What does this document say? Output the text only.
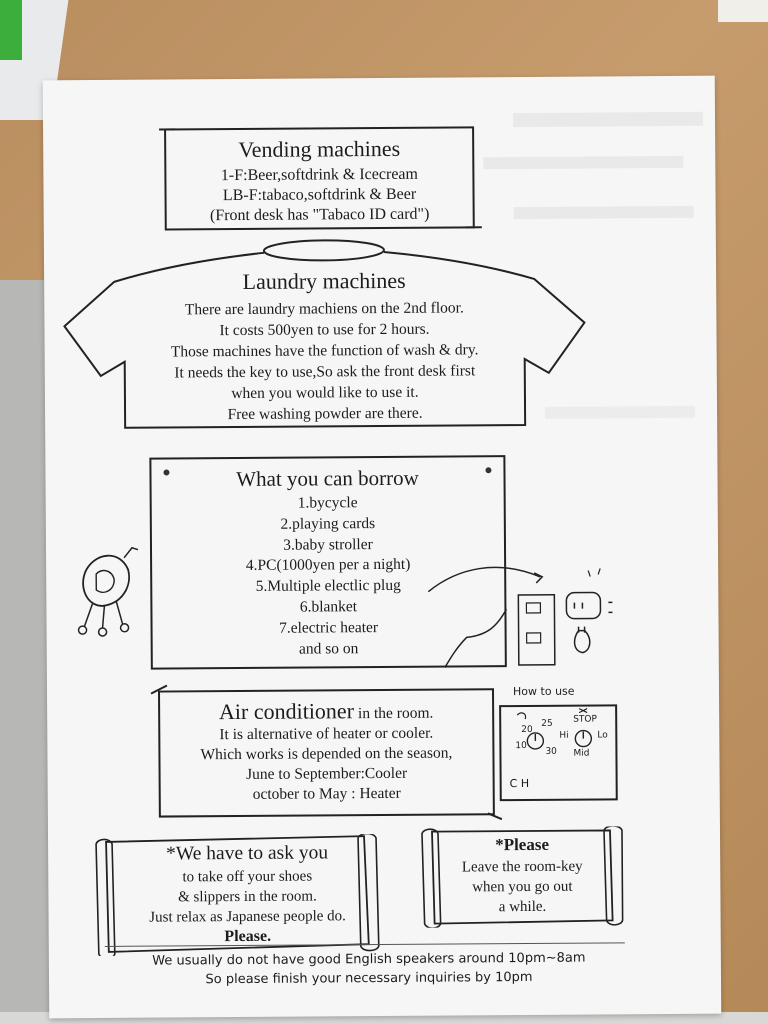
Vending machines
1-F:Beer,softdrink & Icecream
LB-F:tabaco,softdrink & Beer
(Front desk has "Tabaco ID card")
Laundry machines
There are laundry machiens on the 2nd floor.
It costs 500yen to use for 2 hours.
Those machines have the function of wash & dry.
It needs the key to use,So ask the front desk first
when you would like to use it.
Free washing powder are there.
What you can borrow
1.bycycle
2.playing cards
3.baby stroller
4.PC(1000yen per a night)
5.Multiple electlic plug
6.blanket
7.electric heater
and so on
Air conditioner in the room.
It is alternative of heater or cooler.
Which works is depended on the season,
June to September:Cooler
october to May : Heater
How to use
20
25
10
30
STOP
Hi	Lo
Mid
C H
*We have to ask you
to take off your shoes
& slippers in the room.
Just relax as Japanese people do.
Please.
*Please
Leave the room-key
when you go out
a while.
We usually do not have good English speakers around 10pm~8am
So please finish your necessary inquiries by 10pm
